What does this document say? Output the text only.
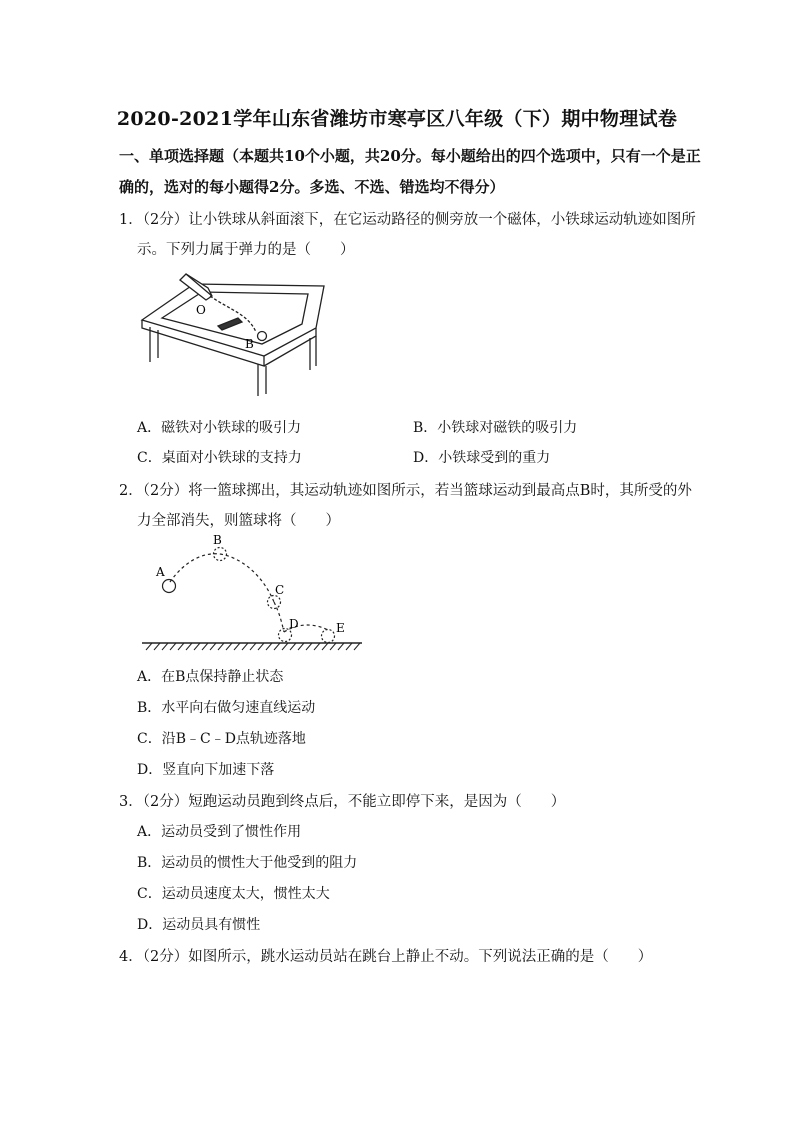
2020-2021学年山东省潍坊市寒亭区八年级（下）期中物理试卷
一、单项选择题（本题共10个小题，共20分。每小题给出的四个选项中，只有一个是正
确的，选对的每小题得2分。多选、不选、错选均不得分）
1．（2分）让小铁球从斜面滚下，在它运动路径的侧旁放一个磁体，小铁球运动轨迹如图所
示。下列力属于弹力的是（　　）
O
B
A．磁铁对小铁球的吸引力	B．小铁球对磁铁的吸引力
C．桌面对小铁球的支持力	D．小铁球受到的重力
2．（2分）将一篮球掷出，其运动轨迹如图所示，若当篮球运动到最高点B时，其所受的外
力全部消失，则篮球将（　　）
A
B
C
D	E
A．在B点保持静止状态
B．水平向右做匀速直线运动
C．沿B﹣C﹣D点轨迹落地
D．竖直向下加速下落
3．（2分）短跑运动员跑到终点后，不能立即停下来，是因为（　　）
A．运动员受到了惯性作用
B．运动员的惯性大于他受到的阻力
C．运动员速度太大，惯性太大
D．运动员具有惯性
4．（2分）如图所示，跳水运动员站在跳台上静止不动。下列说法正确的是（　　）
